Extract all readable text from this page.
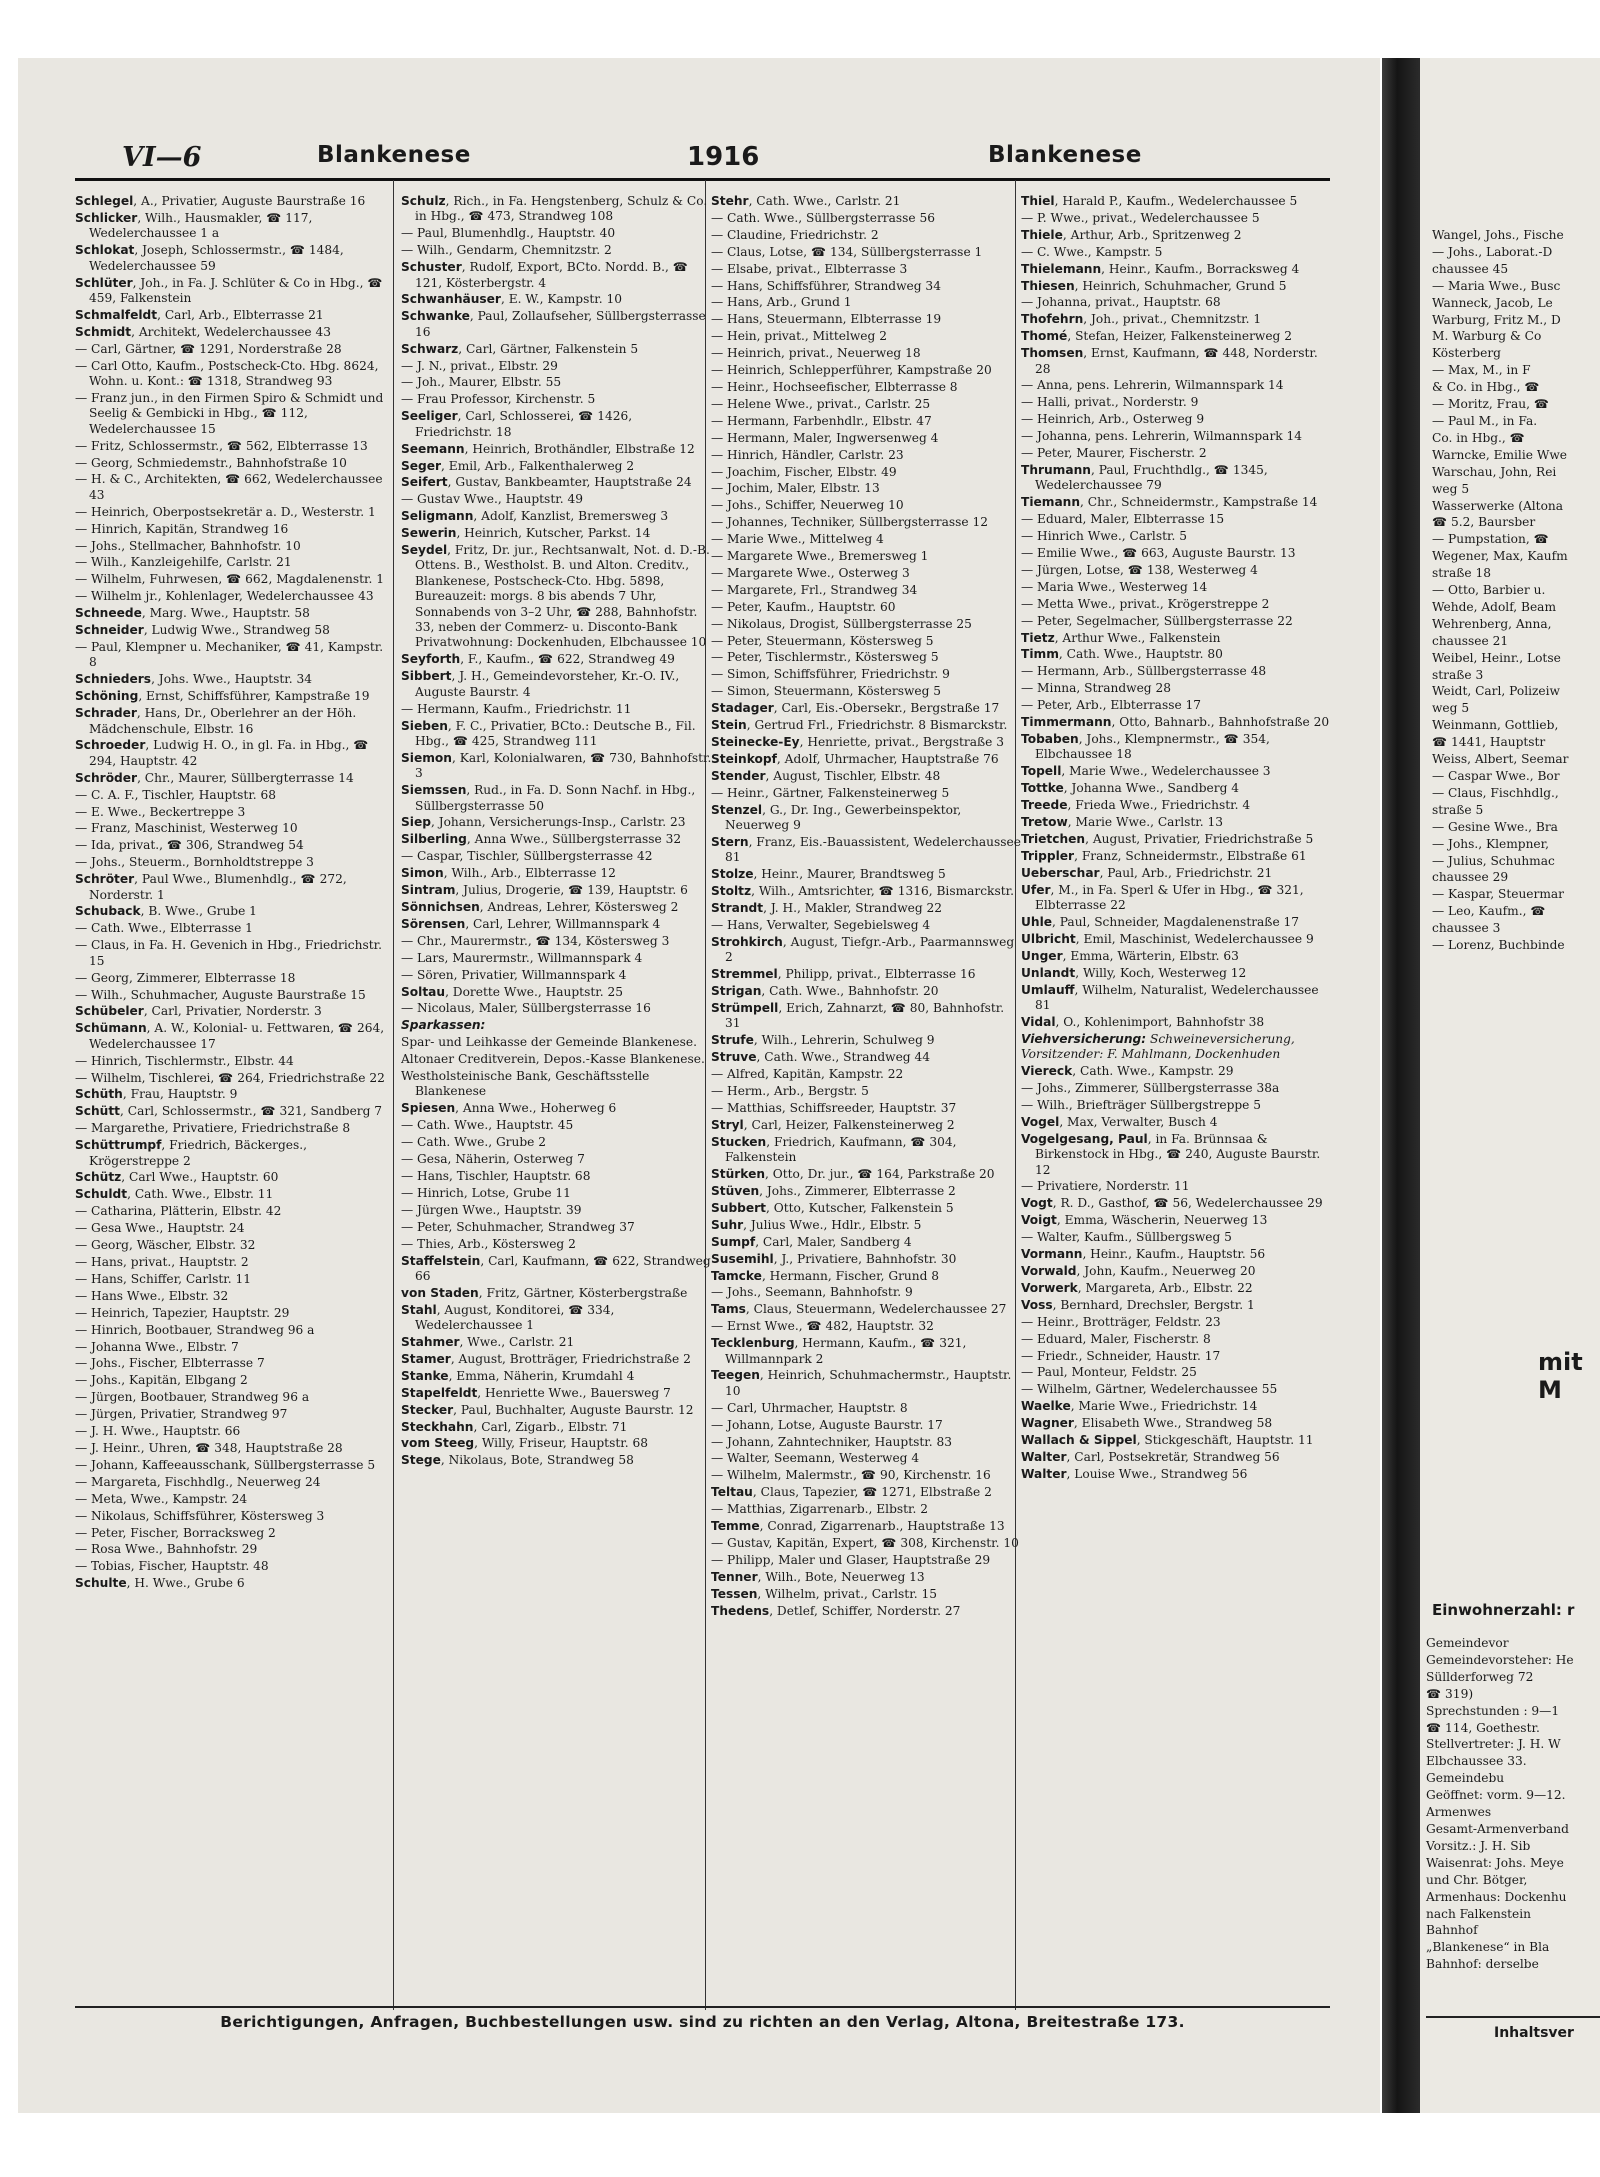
Wangel, Johs., Fische
— Johs., Laborat.-D
chaussee 45
— Maria Wwe., Busc
Wanneck, Jacob, Le
Warburg, Fritz M., D
M. Warburg & Co
Kösterberg
— Max, M., in F
& Co. in Hbg., ☎
— Moritz, Frau, ☎
— Paul M., in Fa.
Co. in Hbg., ☎
Warncke, Emilie Wwe
Warschau, John, Rei
weg 5
Wasserwerke (Altona
☎ 5.2, Baursber
— Pumpstation, ☎
Wegener, Max, Kaufm
straße 18
— Otto, Barbier u.
Wehde, Adolf, Beam
Wehrenberg, Anna,
chaussee 21
Weibel, Heinr., Lotse
straße 3
Weidt, Carl, Polizeiw
weg 5
Weinmann, Gottlieb,
☎ 1441, Hauptstr
Weiss, Albert, Seemar
— Caspar Wwe., Bor
— Claus, Fischhdlg.,
straße 5
— Gesine Wwe., Bra
— Johs., Klempner,
— Julius, Schuhmac
chaussee 29
— Kaspar, Steuermar
— Leo, Kaufm., ☎
chaussee 3
— Lorenz, Buchbinde
mit M
Einwohnerzahl: r
Gemeindevor
Gemeindevorsteher: He
Süllderforweg 72
☎ 319)
Sprechstunden : 9—1
☎ 114, Goethestr.
Stellvertreter: J. H. W
Elbchaussee 33.
Gemeindebu
Geöffnet: vorm. 9—12.
Armenwes
Gesamt-Armenverband
Vorsitz.: J. H. Sib
Waisenrat: Johs. Meye
und Chr. Bötger,
Armenhaus: Dockenhu
nach Falkenstein
Bahnhof
„Blankenese“ in Bla
Bahnhof: derselbe
Inhaltsver
VI—6	Blankenese	1916	Blankenese
Schlegel, A., Privatier, Auguste Baurstraße 16
Schlicker, Wilh., Hausmakler, ☎ 117, Wedelerchaussee 1 a
Schlokat, Joseph, Schlossermstr., ☎ 1484, Wedelerchaussee 59
Schlüter, Joh., in Fa. J. Schlüter & Co in Hbg., ☎ 459, Falkenstein
Schmalfeldt, Carl, Arb., Elbterrasse 21
Schmidt, Architekt, Wedelerchaussee 43
— Carl, Gärtner, ☎ 1291, Norderstraße 28
— Carl Otto, Kaufm., Postscheck-Cto. Hbg. 8624, Wohn. u. Kont.: ☎ 1318, Strandweg 93
— Franz jun., in den Firmen Spiro & Schmidt und Seelig & Gembicki in Hbg., ☎ 112, Wedelerchaussee 15
— Fritz, Schlossermstr., ☎ 562, Elbterrasse 13
— Georg, Schmiedemstr., Bahnhofstraße 10
— H. & C., Architekten, ☎ 662, Wedelerchaussee 43
— Heinrich, Oberpostsekretär a. D., Westerstr. 1
— Hinrich, Kapitän, Strandweg 16
— Johs., Stellmacher, Bahnhofstr. 10
— Wilh., Kanzleigehilfe, Carlstr. 21
— Wilhelm, Fuhrwesen, ☎ 662, Magdalenenstr. 1
— Wilhelm jr., Kohlenlager, Wedelerchaussee 43
Schneede, Marg. Wwe., Hauptstr. 58
Schneider, Ludwig Wwe., Strandweg 58
— Paul, Klempner u. Mechaniker, ☎ 41, Kampstr. 8
Schnieders, Johs. Wwe., Hauptstr. 34
Schöning, Ernst, Schiffsführer, Kampstraße 19
Schrader, Hans, Dr., Oberlehrer an der Höh. Mädchenschule, Elbstr. 16
Schroeder, Ludwig H. O., in gl. Fa. in Hbg., ☎ 294, Hauptstr. 42
Schröder, Chr., Maurer, Süllbergterrasse 14
— C. A. F., Tischler, Hauptstr. 68
— E. Wwe., Beckertreppe 3
— Franz, Maschinist, Westerweg 10
— Ida, privat., ☎ 306, Strandweg 54
— Johs., Steuerm., Bornholdtstreppe 3
Schröter, Paul Wwe., Blumenhdlg., ☎ 272, Norderstr. 1
Schuback, B. Wwe., Grube 1
— Cath. Wwe., Elbterrasse 1
— Claus, in Fa. H. Gevenich in Hbg., Friedrichstr. 15
— Georg, Zimmerer, Elbterrasse 18
— Wilh., Schuhmacher, Auguste Baurstraße 15
Schübeler, Carl, Privatier, Norderstr. 3
Schümann, A. W., Kolonial- u. Fettwaren, ☎ 264, Wedelerchaussee 17
— Hinrich, Tischlermstr., Elbstr. 44
— Wilhelm, Tischlerei, ☎ 264, Friedrichstraße 22
Schüth, Frau, Hauptstr. 9
Schütt, Carl, Schlossermstr., ☎ 321, Sandberg 7
— Margarethe, Privatiere, Friedrichstraße 8
Schüttrumpf, Friedrich, Bäckerges., Krögerstreppe 2
Schütz, Carl Wwe., Hauptstr. 60
Schuldt, Cath. Wwe., Elbstr. 11
— Catharina, Plätterin, Elbstr. 42
— Gesa Wwe., Hauptstr. 24
— Georg, Wäscher, Elbstr. 32
— Hans, privat., Hauptstr. 2
— Hans, Schiffer, Carlstr. 11
— Hans Wwe., Elbstr. 32
— Heinrich, Tapezier, Hauptstr. 29
— Hinrich, Bootbauer, Strandweg 96 a
— Johanna Wwe., Elbstr. 7
— Johs., Fischer, Elbterrasse 7
— Johs., Kapitän, Elbgang 2
— Jürgen, Bootbauer, Strandweg 96 a
— Jürgen, Privatier, Strandweg 97
— J. H. Wwe., Hauptstr. 66
— J. Heinr., Uhren, ☎ 348, Hauptstraße 28
— Johann, Kaffeeausschank, Süllbergsterrasse 5
— Margareta, Fischhdlg., Neuerweg 24
— Meta, Wwe., Kampstr. 24
— Nikolaus, Schiffsführer, Köstersweg 3
— Peter, Fischer, Borracksweg 2
— Rosa Wwe., Bahnhofstr. 29
— Tobias, Fischer, Hauptstr. 48
Schulte, H. Wwe., Grube 6
Schulz, Rich., in Fa. Hengstenberg, Schulz & Co. in Hbg., ☎ 473, Strandweg 108
— Paul, Blumenhdlg., Hauptstr. 40
— Wilh., Gendarm, Chemnitzstr. 2
Schuster, Rudolf, Export, BCto. Nordd. B., ☎ 121, Kösterbergstr. 4
Schwanhäuser, E. W., Kampstr. 10
Schwanke, Paul, Zollaufseher, Süllbergsterrasse 16
Schwarz, Carl, Gärtner, Falkenstein 5
— J. N., privat., Elbstr. 29
— Joh., Maurer, Elbstr. 55
— Frau Professor, Kirchenstr. 5
Seeliger, Carl, Schlosserei, ☎ 1426, Friedrichstr. 18
Seemann, Heinrich, Brothändler, Elbstraße 12
Seger, Emil, Arb., Falkenthalerweg 2
Seifert, Gustav, Bankbeamter, Hauptstraße 24
— Gustav Wwe., Hauptstr. 49
Seligmann, Adolf, Kanzlist, Bremersweg 3
Sewerin, Heinrich, Kutscher, Parkst. 14
Seydel, Fritz, Dr. jur., Rechtsanwalt, Not. d. D.-B. Ottens. B., Westholst. B. und Alton. Creditv., Blankenese, Postscheck-Cto. Hbg. 5898, Bureauzeit: morgs. 8 bis abends 7 Uhr, Sonnabends von 3–2 Uhr, ☎ 288, Bahnhofstr. 33, neben der Commerz- u. Disconto-Bank Privatwohnung: Dockenhuden, Elbchaussee 10
Seyforth, F., Kaufm., ☎ 622, Strandweg 49
Sibbert, J. H., Gemeindevorsteher, Kr.-O. IV., Auguste Baurstr. 4
— Hermann, Kaufm., Friedrichstr. 11
Sieben, F. C., Privatier, BCto.: Deutsche B., Fil. Hbg., ☎ 425, Strandweg 111
Siemon, Karl, Kolonialwaren, ☎ 730, Bahnhofstr. 3
Siemssen, Rud., in Fa. D. Sonn Nachf. in Hbg., Süllbergsterrasse 50
Siep, Johann, Versicherungs-Insp., Carlstr. 23
Silberling, Anna Wwe., Süllbergsterrasse 32
— Caspar, Tischler, Süllbergsterrasse 42
Simon, Wilh., Arb., Elbterrasse 12
Sintram, Julius, Drogerie, ☎ 139, Hauptstr. 6
Sönnichsen, Andreas, Lehrer, Köstersweg 2
Sörensen, Carl, Lehrer, Willmannspark 4
— Chr., Maurermstr., ☎ 134, Köstersweg 3
— Lars, Maurermstr., Willmannspark 4
— Sören, Privatier, Willmannspark 4
Soltau, Dorette Wwe., Hauptstr. 25
— Nicolaus, Maler, Süllbergsterrasse 16
Sparkassen:
Spar- und Leihkasse der Gemeinde Blankenese.
Altonaer Creditverein, Depos.-Kasse Blankenese.
Westholsteinische Bank, Geschäftsstelle Blankenese
Spiesen, Anna Wwe., Hoherweg 6
— Cath. Wwe., Hauptstr. 45
— Cath. Wwe., Grube 2
— Gesa, Näherin, Osterweg 7
— Hans, Tischler, Hauptstr. 68
— Hinrich, Lotse, Grube 11
— Jürgen Wwe., Hauptstr. 39
— Peter, Schuhmacher, Strandweg 37
— Thies, Arb., Köstersweg 2
Staffelstein, Carl, Kaufmann, ☎ 622, Strandweg 66
von Staden, Fritz, Gärtner, Kösterbergstraße
Stahl, August, Konditorei, ☎ 334, Wedelerchaussee 1
Stahmer, Wwe., Carlstr. 21
Stamer, August, Brotträger, Friedrichstraße 2
Stanke, Emma, Näherin, Krumdahl 4
Stapelfeldt, Henriette Wwe., Bauersweg 7
Stecker, Paul, Buchhalter, Auguste Baurstr. 12
Steckhahn, Carl, Zigarb., Elbstr. 71
vom Steeg, Willy, Friseur, Hauptstr. 68
Stege, Nikolaus, Bote, Strandweg 58
Stehr, Cath. Wwe., Carlstr. 21
— Cath. Wwe., Süllbergsterrasse 56
— Claudine, Friedrichstr. 2
— Claus, Lotse, ☎ 134, Süllbergsterrasse 1
— Elsabe, privat., Elbterrasse 3
— Hans, Schiffsführer, Strandweg 34
— Hans, Arb., Grund 1
— Hans, Steuermann, Elbterrasse 19
— Hein, privat., Mittelweg 2
— Heinrich, privat., Neuerweg 18
— Heinrich, Schlepperführer, Kampstraße 20
— Heinr., Hochseefischer, Elbterrasse 8
— Helene Wwe., privat., Carlstr. 25
— Hermann, Farbenhdlr., Elbstr. 47
— Hermann, Maler, Ingwersenweg 4
— Hinrich, Händler, Carlstr. 23
— Joachim, Fischer, Elbstr. 49
— Jochim, Maler, Elbstr. 13
— Johs., Schiffer, Neuerweg 10
— Johannes, Techniker, Süllbergsterrasse 12
— Marie Wwe., Mittelweg 4
— Margarete Wwe., Bremersweg 1
— Margarete Wwe., Osterweg 3
— Margarete, Frl., Strandweg 34
— Peter, Kaufm., Hauptstr. 60
— Nikolaus, Drogist, Süllbergsterrasse 25
— Peter, Steuermann, Köstersweg 5
— Peter, Tischlermstr., Köstersweg 5
— Simon, Schiffsführer, Friedrichstr. 9
— Simon, Steuermann, Köstersweg 5
Stadager, Carl, Eis.-Obersekr., Bergstraße 17
Stein, Gertrud Frl., Friedrichstr. 8 Bismarckstr.
Steinecke-Ey, Henriette, privat., Bergstraße 3
Steinkopf, Adolf, Uhrmacher, Hauptstraße 76
Stender, August, Tischler, Elbstr. 48
— Heinr., Gärtner, Falkensteinerweg 5
Stenzel, G., Dr. Ing., Gewerbeinspektor, Neuerweg 9
Stern, Franz, Eis.-Bauassistent, Wedelerchaussee 81
Stolze, Heinr., Maurer, Brandtsweg 5
Stoltz, Wilh., Amtsrichter, ☎ 1316, Bismarckstr.
Strandt, J. H., Makler, Strandweg 22
— Hans, Verwalter, Segebielsweg 4
Strohkirch, August, Tiefgr.-Arb., Paarmannsweg 2
Stremmel, Philipp, privat., Elbterrasse 16
Strigan, Cath. Wwe., Bahnhofstr. 20
Strümpell, Erich, Zahnarzt, ☎ 80, Bahnhofstr. 31
Strufe, Wilh., Lehrerin, Schulweg 9
Struve, Cath. Wwe., Strandweg 44
— Alfred, Kapitän, Kampstr. 22
— Herm., Arb., Bergstr. 5
— Matthias, Schiffsreeder, Hauptstr. 37
Stryl, Carl, Heizer, Falkensteinerweg 2
Stucken, Friedrich, Kaufmann, ☎ 304, Falkenstein
Stürken, Otto, Dr. jur., ☎ 164, Parkstraße 20
Stüven, Johs., Zimmerer, Elbterrasse 2
Subbert, Otto, Kutscher, Falkenstein 5
Suhr, Julius Wwe., Hdlr., Elbstr. 5
Sumpf, Carl, Maler, Sandberg 4
Susemihl, J., Privatiere, Bahnhofstr. 30
Tamcke, Hermann, Fischer, Grund 8
— Johs., Seemann, Bahnhofstr. 9
Tams, Claus, Steuermann, Wedelerchaussee 27
— Ernst Wwe., ☎ 482, Hauptstr. 32
Tecklenburg, Hermann, Kaufm., ☎ 321, Willmannpark 2
Teegen, Heinrich, Schuhmachermstr., Hauptstr. 10
— Carl, Uhrmacher, Hauptstr. 8
— Johann, Lotse, Auguste Baurstr. 17
— Johann, Zahntechniker, Hauptstr. 83
— Walter, Seemann, Westerweg 4
— Wilhelm, Malermstr., ☎ 90, Kirchenstr. 16
Teltau, Claus, Tapezier, ☎ 1271, Elbstraße 2
— Matthias, Zigarrenarb., Elbstr. 2
Temme, Conrad, Zigarrenarb., Hauptstraße 13
— Gustav, Kapitän, Expert, ☎ 308, Kirchenstr. 10
— Philipp, Maler und Glaser, Hauptstraße 29
Tenner, Wilh., Bote, Neuerweg 13
Tessen, Wilhelm, privat., Carlstr. 15
Thedens, Detlef, Schiffer, Norderstr. 27
Thiel, Harald P., Kaufm., Wedelerchaussee 5
— P. Wwe., privat., Wedelerchaussee 5
Thiele, Arthur, Arb., Spritzenweg 2
— C. Wwe., Kampstr. 5
Thielemann, Heinr., Kaufm., Borracksweg 4
Thiesen, Heinrich, Schuhmacher, Grund 5
— Johanna, privat., Hauptstr. 68
Thofehrn, Joh., privat., Chemnitzstr. 1
Thomé, Stefan, Heizer, Falkensteinerweg 2
Thomsen, Ernst, Kaufmann, ☎ 448, Norderstr. 28
— Anna, pens. Lehrerin, Wilmannspark 14
— Halli, privat., Norderstr. 9
— Heinrich, Arb., Osterweg 9
— Johanna, pens. Lehrerin, Wilmannspark 14
— Peter, Maurer, Fischerstr. 2
Thrumann, Paul, Fruchthdlg., ☎ 1345, Wedelerchaussee 79
Tiemann, Chr., Schneidermstr., Kampstraße 14
— Eduard, Maler, Elbterrasse 15
— Hinrich Wwe., Carlstr. 5
— Emilie Wwe., ☎ 663, Auguste Baurstr. 13
— Jürgen, Lotse, ☎ 138, Westerweg 4
— Maria Wwe., Westerweg 14
— Metta Wwe., privat., Krögerstreppe 2
— Peter, Segelmacher, Süllbergsterrasse 22
Tietz, Arthur Wwe., Falkenstein
Timm, Cath. Wwe., Hauptstr. 80
— Hermann, Arb., Süllbergsterrasse 48
— Minna, Strandweg 28
— Peter, Arb., Elbterrasse 17
Timmermann, Otto, Bahnarb., Bahnhofstraße 20
Tobaben, Johs., Klempnermstr., ☎ 354, Elbchaussee 18
Topell, Marie Wwe., Wedelerchaussee 3
Tottke, Johanna Wwe., Sandberg 4
Treede, Frieda Wwe., Friedrichstr. 4
Tretow, Marie Wwe., Carlstr. 13
Trietchen, August, Privatier, Friedrichstraße 5
Trippler, Franz, Schneidermstr., Elbstraße 61
Ueberschar, Paul, Arb., Friedrichstr. 21
Ufer, M., in Fa. Sperl & Ufer in Hbg., ☎ 321, Elbterrasse 22
Uhle, Paul, Schneider, Magdalenenstraße 17
Ulbricht, Emil, Maschinist, Wedelerchaussee 9
Unger, Emma, Wärterin, Elbstr. 63
Unlandt, Willy, Koch, Westerweg 12
Umlauff, Wilhelm, Naturalist, Wedelerchaussee 81
Vidal, O., Kohlenimport, Bahnhofstr 38
Viehversicherung: Schweineversicherung, Vorsitzender: F. Mahlmann, Dockenhuden
Viereck, Cath. Wwe., Kampstr. 29
— Johs., Zimmerer, Süllbergsterrasse 38a
— Wilh., Briefträger Süllbergstreppe 5
Vogel, Max, Verwalter, Busch 4
Vogelgesang, Paul, in Fa. Brünnsaa & Birkenstock in Hbg., ☎ 240, Auguste Baurstr. 12
— Privatiere, Norderstr. 11
Vogt, R. D., Gasthof, ☎ 56, Wedelerchaussee 29
Voigt, Emma, Wäscherin, Neuerweg 13
— Walter, Kaufm., Süllbergsweg 5
Vormann, Heinr., Kaufm., Hauptstr. 56
Vorwald, John, Kaufm., Neuerweg 20
Vorwerk, Margareta, Arb., Elbstr. 22
Voss, Bernhard, Drechsler, Bergstr. 1
— Heinr., Brotträger, Feldstr. 23
— Eduard, Maler, Fischerstr. 8
— Friedr., Schneider, Haustr. 17
— Paul, Monteur, Feldstr. 25
— Wilhelm, Gärtner, Wedelerchaussee 55
Waelke, Marie Wwe., Friedrichstr. 14
Wagner, Elisabeth Wwe., Strandweg 58
Wallach & Sippel, Stickgeschäft, Hauptstr. 11
Walter, Carl, Postsekretär, Strandweg 56
Walter, Louise Wwe., Strandweg 56
Berichtigungen, Anfragen, Buchbestellungen usw. sind zu richten an den Verlag, Altona, Breitestraße 173.
